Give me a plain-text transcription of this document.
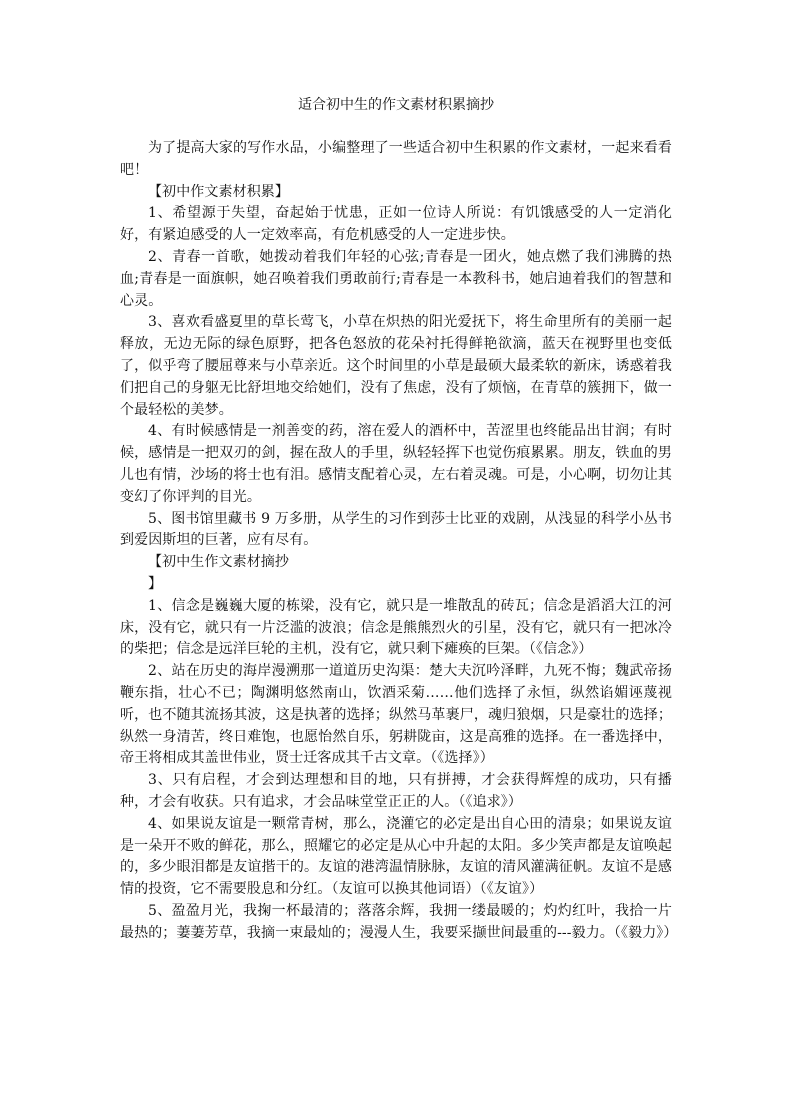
适合初中生的作文素材积累摘抄

为了提高大家的写作水品，小编整理了一些适合初中生积累的作文素材，一起来看看吧！

【初中作文素材积累】

1、希望源于失望，奋起始于忧患，正如一位诗人所说：有饥饿感受的人一定消化好，有紧迫感受的人一定效率高，有危机感受的人一定进步快。

2、青春一首歌，她拨动着我们年轻的心弦;青春是一团火，她点燃了我们沸腾的热血;青春是一面旗帜，她召唤着我们勇敢前行;青春是一本教科书，她启迪着我们的智慧和心灵。

3、喜欢看盛夏里的草长莺飞，小草在炽热的阳光爱抚下，将生命里所有的美丽一起释放，无边无际的绿色原野，把各色怒放的花朵衬托得鲜艳欲滴，蓝天在视野里也变低了，似乎弯了腰屈尊来与小草亲近。这个时间里的小草是最硕大最柔软的新床，诱惑着我们把自己的身躯无比舒坦地交给她们，没有了焦虑，没有了烦恼，在青草的簇拥下，做一个最轻松的美梦。

4、有时候感情是一剂善变的药，溶在爱人的酒杯中，苦涩里也终能品出甘润；有时候，感情是一把双刃的剑，握在敌人的手里，纵轻轻挥下也觉伤痕累累。朋友，铁血的男儿也有情，沙场的将士也有泪。感情支配着心灵，左右着灵魂。可是，小心啊，切勿让其变幻了你评判的目光。

5、图书馆里藏书 9 万多册，从学生的习作到莎士比亚的戏剧，从浅显的科学小丛书到爱因斯坦的巨著，应有尽有。

【初中生作文素材摘抄

】

1、信念是巍巍大厦的栋梁，没有它，就只是一堆散乱的砖瓦；信念是滔滔大江的河床，没有它，就只有一片泛滥的波浪；信念是熊熊烈火的引星，没有它，就只有一把冰冷的柴把；信念是远洋巨轮的主机，没有它，就只剩下瘫痪的巨架。（《信念》）

2、站在历史的海岸漫溯那一道道历史沟渠：楚大夫沉吟泽畔，九死不悔；魏武帝扬鞭东指，壮心不已；陶渊明悠然南山，饮酒采菊……他们选择了永恒，纵然谄媚诬蔑视听，也不随其流扬其波，这是执著的选择；纵然马革裹尸，魂归狼烟，只是豪壮的选择；纵然一身清苦，终日难饱，也愿怡然自乐，躬耕陇亩，这是高雅的选择。在一番选择中，帝王将相成其盖世伟业，贤士迁客成其千古文章。（《选择》）

3、只有启程，才会到达理想和目的地，只有拼搏，才会获得辉煌的成功，只有播种，才会有收获。只有追求，才会品味堂堂正正的人。（《追求》）

4、如果说友谊是一颗常青树，那么，浇灌它的必定是出自心田的清泉；如果说友谊是一朵开不败的鲜花，那么，照耀它的必定是从心中升起的太阳。多少笑声都是友谊唤起的，多少眼泪都是友谊揩干的。友谊的港湾温情脉脉，友谊的清风灌满征帆。友谊不是感情的投资，它不需要股息和分红。（友谊可以换其他词语）（《友谊》）

5、盈盈月光，我掬一杯最清的；落落余辉，我拥一缕最暖的；灼灼红叶，我拾一片最热的；萋萋芳草，我摘一束最灿的；漫漫人生，我要采撷世间最重的---毅力。（《毅力》）
